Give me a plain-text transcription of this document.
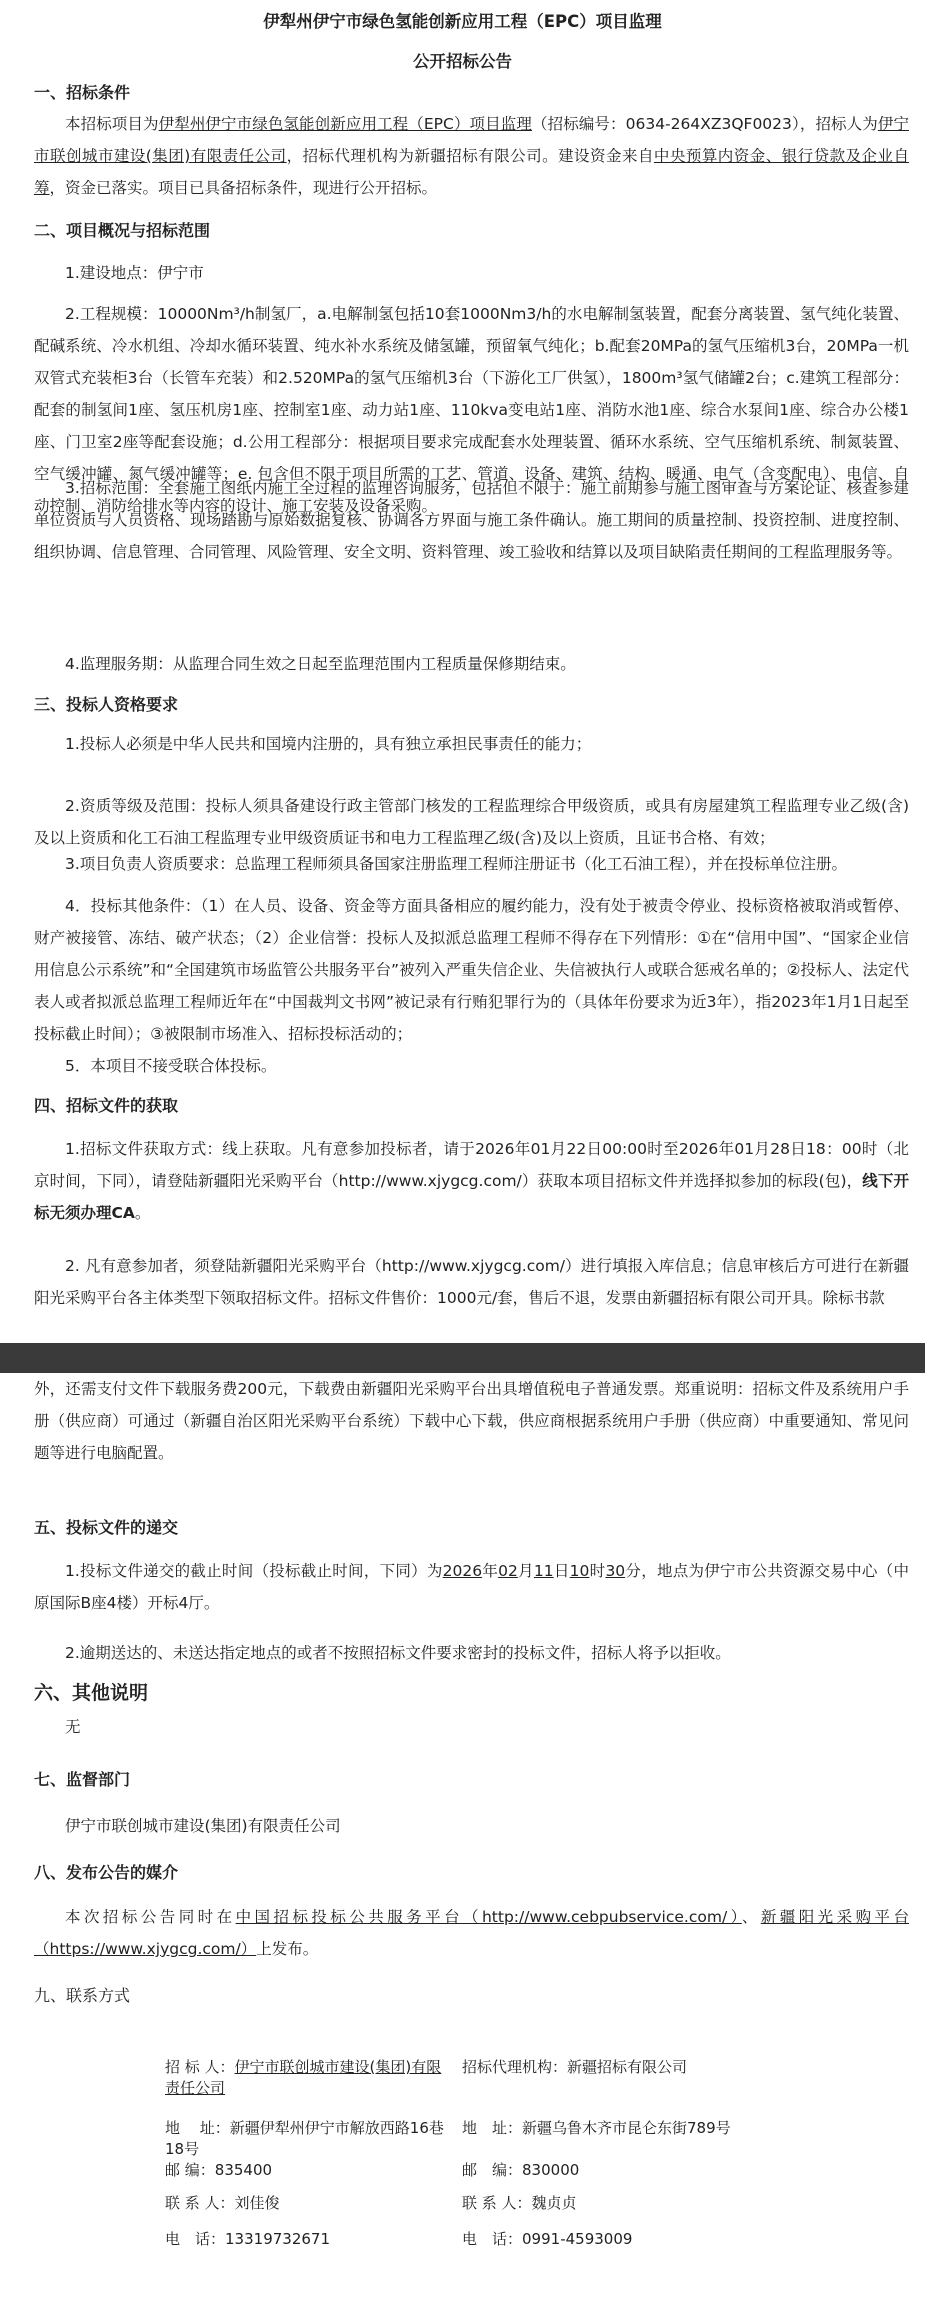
伊犁州伊宁市绿色氢能创新应用工程（EPC）项目监理
公开招标公告
一、招标条件
本招标项目为伊犁州伊宁市绿色氢能创新应用工程（EPC）项目监理（招标编号：0634-264XZ3QF0023），招标人为伊宁市联创城市建设(集团)有限责任公司，招标代理机构为新疆招标有限公司。建设资金来自中央预算内资金、银行贷款及企业自筹，资金已落实。项目已具备招标条件，现进行公开招标。
二、项目概况与招标范围
1.建设地点：伊宁市
2.工程规模：10000Nm³/h制氢厂，a.电解制氢包括10套1000Nm3/h的水电解制氢装置，配套分离装置、氢气纯化装置、配碱系统、冷水机组、冷却水循环装置、纯水补水系统及储氢罐，预留氧气纯化；b.配套20MPa的氢气压缩机3台，20MPa一机双管式充装柜3台（长管车充装）和2.520MPa的氢气压缩机3台（下游化工厂供氢），1800m³氢气储罐2台；c.建筑工程部分：配套的制氢间1座、氢压机房1座、控制室1座、动力站1座、110kva变电站1座、消防水池1座、综合水泵间1座、综合办公楼1座、门卫室2座等配套设施；d.公用工程部分：根据项目要求完成配套水处理装置、循环水系统、空气压缩机系统、制氮装置、空气缓冲罐、氮气缓冲罐等；e. 包含但不限于项目所需的工艺、管道、设备、建筑、结构、暖通、电气（含变配电）、电信、自动控制、消防给排水等内容的设计、施工安装及设备采购。
3.招标范围：全套施工图纸内施工全过程的监理咨询服务，包括但不限于：施工前期参与施工图审查与方案论证、核查参建单位资质与人员资格、现场踏勘与原始数据复核、协调各方界面与施工条件确认。施工期间的质量控制、投资控制、进度控制、组织协调、信息管理、合同管理、风险管理、安全文明、资料管理、竣工验收和结算以及项目缺陷责任期间的工程监理服务等。
4.监理服务期：从监理合同生效之日起至监理范围内工程质量保修期结束。
三、投标人资格要求
1.投标人必须是中华人民共和国境内注册的，具有独立承担民事责任的能力；
2.资质等级及范围：投标人须具备建设行政主管部门核发的工程监理综合甲级资质，或具有房屋建筑工程监理专业乙级(含)及以上资质和化工石油工程监理专业甲级资质证书和电力工程监理乙级(含)及以上资质，且证书合格、有效；
3.项目负责人资质要求：总监理工程师须具备国家注册监理工程师注册证书（化工石油工程），并在投标单位注册。
4．投标其他条件：（1）在人员、设备、资金等方面具备相应的履约能力，没有处于被责令停业、投标资格被取消或暂停、财产被接管、冻结、破产状态；（2）企业信誉：投标人及拟派总监理工程师不得存在下列情形：①在“信用中国”、“国家企业信用信息公示系统”和“全国建筑市场监管公共服务平台”被列入严重失信企业、失信被执行人或联合惩戒名单的；②投标人、法定代表人或者拟派总监理工程师近年在“中国裁判文书网”被记录有行贿犯罪行为的（具体年份要求为近3年），指2023年1月1日起至投标截止时间）；③被限制市场准入、招标投标活动的；
5．本项目不接受联合体投标。
四、招标文件的获取
1.招标文件获取方式：线上获取。凡有意参加投标者，请于2026年01月22日00:00时至2026年01月28日18：00时（北京时间，下同），请登陆新疆阳光采购平台（http://www.xjygcg.com/）获取本项目招标文件并选择拟参加的标段(包)，线下开标无须办理CA。
2. 凡有意参加者，须登陆新疆阳光采购平台（http://www.xjygcg.com/）进行填报入库信息；信息审核后方可进行在新疆阳光采购平台各主体类型下领取招标文件。招标文件售价：1000元/套，售后不退，发票由新疆招标有限公司开具。除标书款
外，还需支付文件下载服务费200元，下载费由新疆阳光采购平台出具增值税电子普通发票。郑重说明：招标文件及系统用户手册（供应商）可通过（新疆自治区阳光采购平台系统）下载中心下载，供应商根据系统用户手册（供应商）中重要通知、常见问题等进行电脑配置。
五、投标文件的递交
1.投标文件递交的截止时间（投标截止时间，下同）为2026年02月11日10时30分，地点为伊宁市公共资源交易中心（中原国际B座4楼）开标4厅。
2.逾期送达的、未送达指定地点的或者不按照招标文件要求密封的投标文件，招标人将予以拒收。
六、其他说明
无
七、监督部门
伊宁市联创城市建设(集团)有限责任公司
八、发布公告的媒介
本次招标公告同时在中国招标投标公共服务平台（http://www.cebpubservice.com/）、新疆阳光采购平台（https://www.xjygcg.com/）上发布。
九、联系方式
招 标 人：伊宁市联创城市建设(集团)有限责任公司
地　 址：新疆伊犁州伊宁市解放西路16巷18号
邮 编：835400
联 系 人：刘佳俊
电　话：13319732671
招标代理机构：新疆招标有限公司
地　址：新疆乌鲁木齐市昆仑东街789号
邮　编：830000
联 系 人：魏贞贞
电　话：0991-4593009
